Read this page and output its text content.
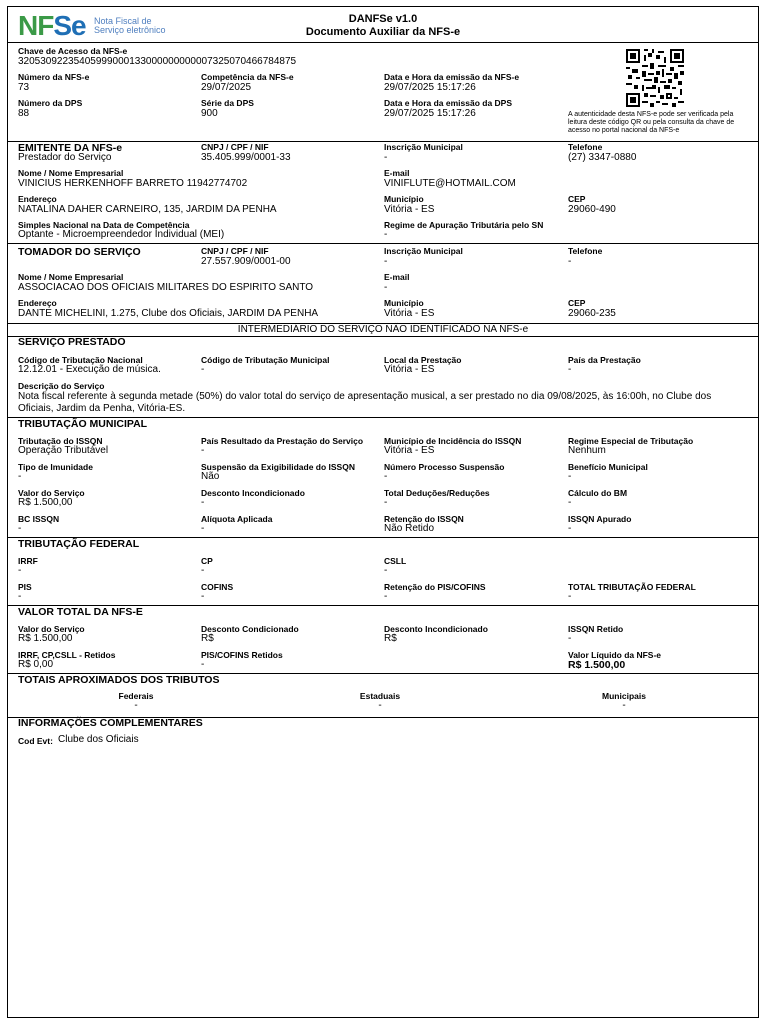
NFSe Nota Fiscal de
Serviço eletrônico
DANFSe v1.0
Documento Auxiliar da NFS-e
Chave de Acesso da NFS-e
32053092235405999000133000000000007325070466784875
Número da NFS-e
73
Competência da NFS-e
29/07/2025
Data e Hora da emissão da NFS-e
29/07/2025 15:17:26
Número da DPS
88
Série da DPS
900
Data e Hora da emissão da DPS
29/07/2025 15:17:26	A autenticidade desta NFS-e pode ser verificada pela leitura deste código QR ou pela consulta da chave de acesso no portal nacional da NFS-e
EMITENTE DA NFS-e
Prestador do Serviço
CNPJ / CPF / NIF
35.405.999/0001-33
Inscrição Municipal
-
Telefone
(27) 3347-0880
Nome / Nome Empresarial
VINICIUS HERKENHOFF BARRETO 11942774702
E-mail
VINIFLUTE@HOTMAIL.COM
Endereço
NATALINA DAHER CARNEIRO, 135, JARDIM DA PENHA
Município
Vitória - ES
CEP
29060-490
Simples Nacional na Data de Competência
Optante - Microempreendedor Individual (MEI)
Regime de Apuração Tributária pelo SN
-
TOMADOR DO SERVIÇO	CNPJ / CPF / NIF
27.557.909/0001-00
Inscrição Municipal
-
Telefone
-
Nome / Nome Empresarial
ASSOCIACAO DOS OFICIAIS MILITARES DO ESPIRITO SANTO
E-mail
-
Endereço
DANTE MICHELINI, 1.275, Clube dos Oficiais, JARDIM DA PENHA
Município
Vitória - ES
CEP
29060-235
INTERMEDIÁRIO DO SERVIÇO NÃO IDENTIFICADO NA NFS-e
SERVIÇO PRESTADO
Código de Tributação Nacional
12.12.01 - Execução de música.
Código de Tributação Municipal
-
Local da Prestação
Vitória - ES
País da Prestação
-
Descrição do Serviço
Nota fiscal referente à segunda metade (50%) do valor total do serviço de apresentação musical, a ser prestado no dia 09/08/2025, às 16:00h, no Clube dos Oficiais, Jardim da Penha, Vitória-ES.
TRIBUTAÇÃO MUNICIPAL
Tributação do ISSQN
Operação Tributável
País Resultado da Prestação do Serviço
-
Município de Incidência do ISSQN
Vitória - ES
Regime Especial de Tributação
Nenhum
Tipo de Imunidade
-
Suspensão da Exigibilidade do ISSQN
Não
Número Processo Suspensão
-
Benefício Municipal
-
Valor do Serviço
R$ 1.500,00
Desconto Incondicionado
-
Total Deduções/Reduções
-
Cálculo do BM
-
BC ISSQN
-
Alíquota Aplicada
-
Retenção do ISSQN
Não Retido
ISSQN Apurado
-
TRIBUTAÇÃO FEDERAL
IRRF
-
CP
-
CSLL
-
PIS
-
COFINS
-
Retenção do PIS/COFINS
-
TOTAL TRIBUTAÇÃO FEDERAL
-
VALOR TOTAL DA NFS-E
Valor do Serviço
R$ 1.500,00
Desconto Condicionado
R$
Desconto Incondicionado
R$
ISSQN Retido
-
IRRF, CP,CSLL - Retidos
R$ 0,00
PIS/COFINS Retidos
-
Valor Líquido da NFS-e
R$ 1.500,00
TOTAIS APROXIMADOS DOS TRIBUTOS
Federais
-
Estaduais
-
Municipais
-
INFORMAÇÕES COMPLEMENTARES
Cod Evt: Clube dos Oficiais
